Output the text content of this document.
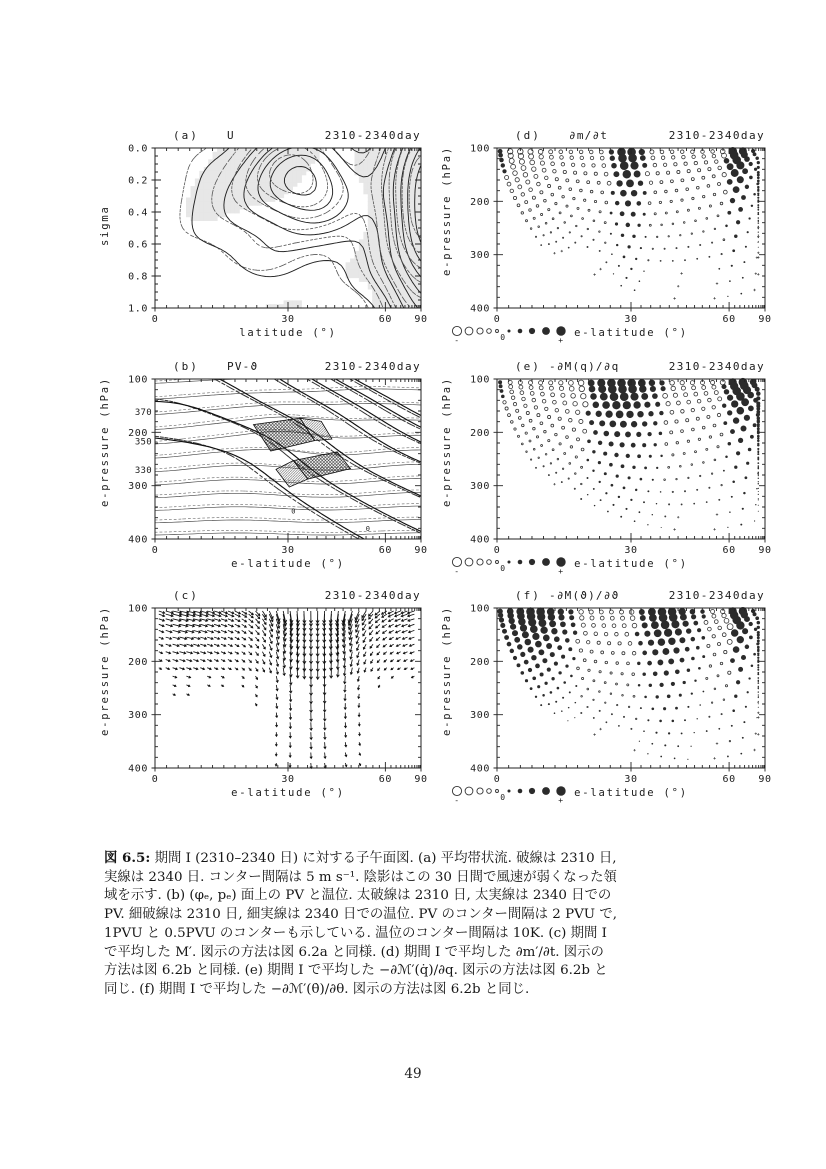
0	30	60 90
0.0
0.2
0.4
0.6
0.8
1.0
sigma
latitude (°)
(a)	U	2310-2340day
0	30	60 90
100
200
300
400
e-pressure (hPa)
e-latitude (°)
(d)	∂m/∂t	2310-2340day
-	0	+
370
350
330
0
0
0	30	60 90
100
200
300
400
e-pressure (hPa)
e-latitude (°)
(b)	PV-ϑ	2310-2340day
0	30	60 90
100
200
300
400
e-pressure (hPa)
e-latitude (°)
(e) -∂M(q)/∂q	2310-2340day
-	0	+
0	30	60 90
100
200
300
400
e-pressure (hPa)
e-latitude (°)
(c)	2310-2340day
0	30	60 90
100
200
300
400
e-pressure (hPa)
e-latitude (°)
(f) -∂M(ϑ)/∂ϑ	2310-2340day
-	0	+
図 6.5: 期間 I (2310–2340 日) に対する子午面図. (a) 平均帯状流. 破線は 2310 日,
実線は 2340 日. コンター間隔は 5 m s⁻¹. 陰影はこの 30 日間で風速が弱くなった領
域を示す. (b) (φₑ, pₑ) 面上の PV と温位. 太破線は 2310 日, 太実線は 2340 日での
PV. 細破線は 2310 日, 細実線は 2340 日での温位. PV のコンター間隔は 2 PVU で,
1PVU と 0.5PVU のコンターも示している. 温位のコンター間隔は 10K. (c) 期間 I
で平均した M′. 図示の方法は図 6.2a と同様. (d) 期間 I で平均した ∂m′/∂t. 図示の
方法は図 6.2b と同様. (e) 期間 I で平均した −∂ℳ′(q̇)/∂q. 図示の方法は図 6.2b と
同じ. (f) 期間 I で平均した −∂ℳ′(θ̇)/∂θ. 図示の方法は図 6.2b と同じ.
49
